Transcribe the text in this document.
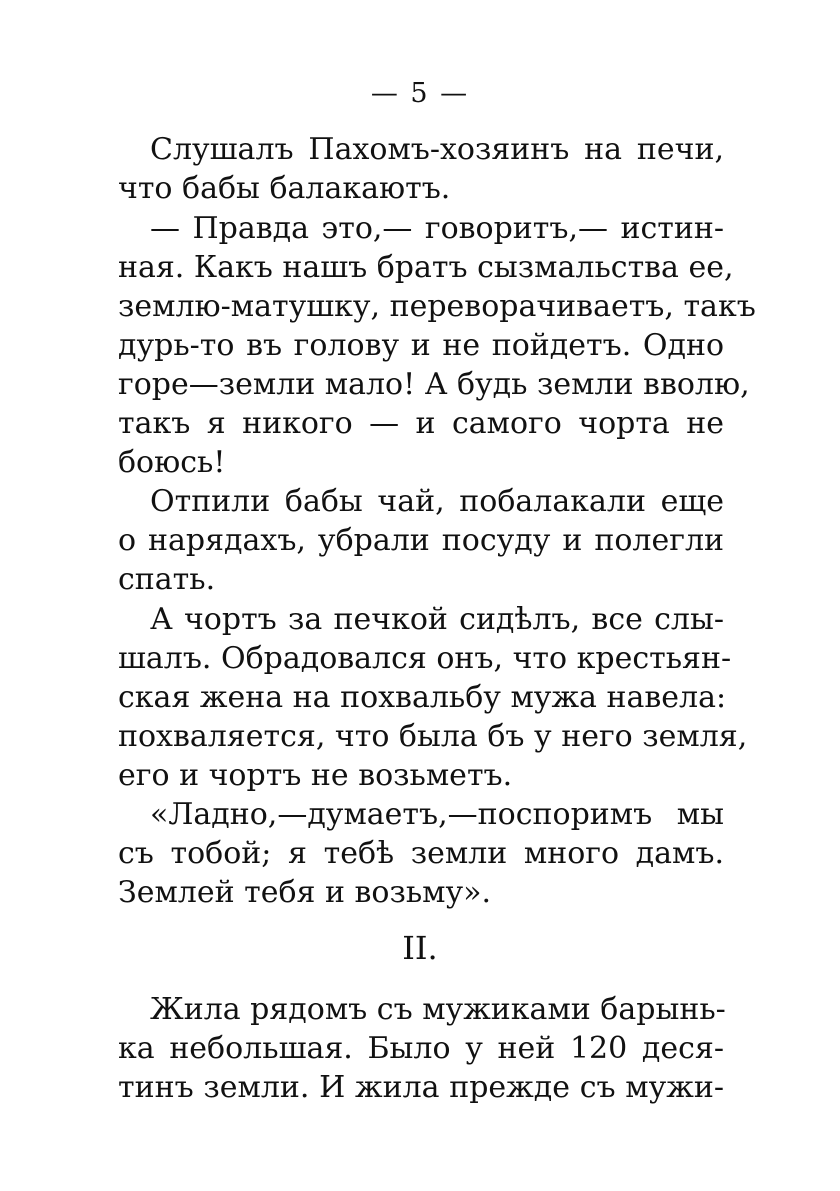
— 5 —
Слушалъ Пахомъ-хозяинъ на печи,
что бабы балакаютъ.
— Правда это,— говоритъ,— истин-
ная. Какъ нашъ братъ сызмальства ее,
землю-матушку, переворачиваетъ, такъ
дурь-то въ голову и не пойдетъ. Одно
горе—земли мало! А будь земли вволю,
такъ я никого — и самого чорта не
боюсь!
Отпили бабы чай, побалакали еще
о нарядахъ, убрали посуду и полегли
спать.
А чортъ за печкой сидѣлъ, все слы-
шалъ. Обрадовался онъ, что крестьян-
ская жена на похвальбу мужа навела:
похваляется, что была бъ у него земля,
его и чортъ не возьметъ.
«Ладно,—думаетъ,—поспоримъ мы
съ тобой; я тебѣ земли много дамъ.
Землей тебя и возьму».
II.
Жила рядомъ съ мужиками барынь-
ка небольшая. Было у ней 120 деся-
тинъ земли. И жила прежде съ мужи-
